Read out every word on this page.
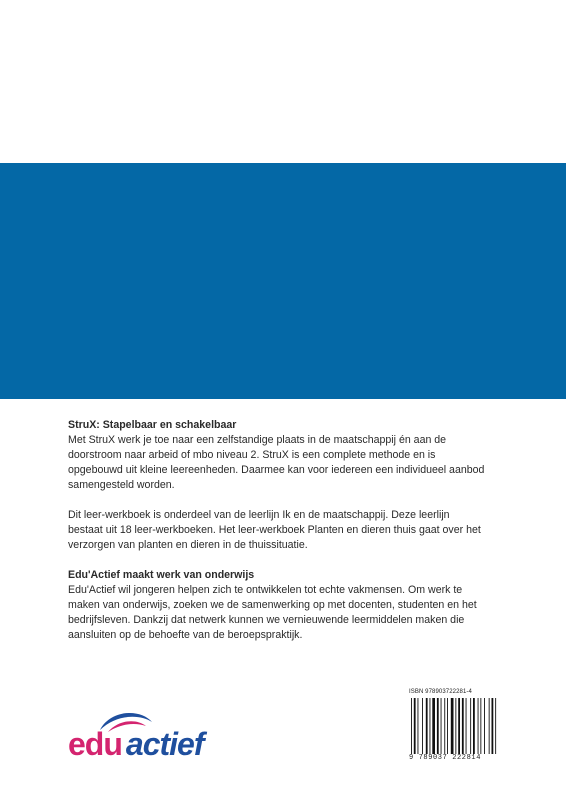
StruX: Stapelbaar en schakelbaar

Met StruX werk je toe naar een zelfstandige plaats in de maatschappij én aan de

doorstroom naar arbeid of mbo niveau 2. StruX is een complete methode en is

opgebouwd uit kleine leereenheden. Daarmee kan voor iedereen een individueel aanbod

samengesteld worden.

Dit leer-werkboek is onderdeel van de leerlijn Ik en de maatschappij. Deze leerlijn

bestaat uit 18 leer-werkboeken. Het leer-werkboek Planten en dieren thuis gaat over het

verzorgen van planten en dieren in de thuissituatie.

Edu'Actief maakt werk van onderwijs

Edu'Actief wil jongeren helpen zich te ontwikkelen tot echte vakmensen. Om werk te

maken van onderwijs, zoeken we de samenwerking op met docenten, studenten en het

bedrijfsleven. Dankzij dat netwerk kunnen we vernieuwende leermiddelen maken die

aansluiten op de behoefte van de beroepspraktijk.

edu actief
ISBN 978903722281-4
9 789037 222814
